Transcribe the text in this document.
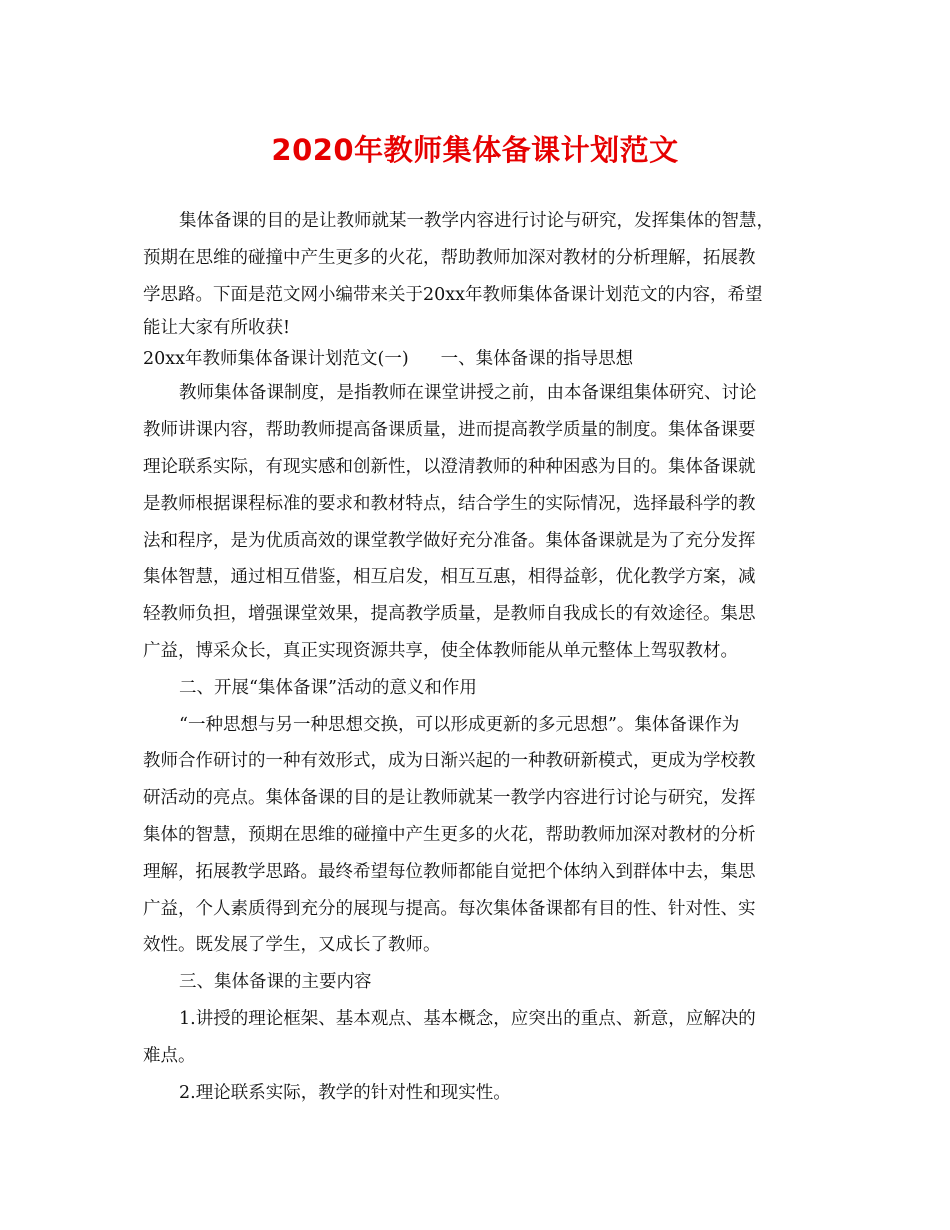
2020年教师集体备课计划范文
集体备课的目的是让教师就某一教学内容进行讨论与研究，发挥集体的智慧，
预期在思维的碰撞中产生更多的火花，帮助教师加深对教材的分析理解，拓展教
学思路。下面是范文网小编带来关于20xx年教师集体备课计划范文的内容，希望
能让大家有所收获!
20xx年教师集体备课计划范文(一) 一、集体备课的指导思想
教师集体备课制度，是指教师在课堂讲授之前，由本备课组集体研究、讨论
教师讲课内容，帮助教师提高备课质量，进而提高教学质量的制度。集体备课要
理论联系实际，有现实感和创新性，以澄清教师的种种困惑为目的。集体备课就
是教师根据课程标准的要求和教材特点，结合学生的实际情况，选择最科学的教
法和程序，是为优质高效的课堂教学做好充分准备。集体备课就是为了充分发挥
集体智慧，通过相互借鉴，相互启发，相互互惠，相得益彰，优化教学方案，减
轻教师负担，增强课堂效果，提高教学质量，是教师自我成长的有效途径。集思
广益，博采众长，真正实现资源共享，使全体教师能从单元整体上驾驭教材。
二、开展“集体备课”活动的意义和作用
“一种思想与另一种思想交换，可以形成更新的多元思想”。集体备课作为
教师合作研讨的一种有效形式，成为日渐兴起的一种教研新模式，更成为学校教
研活动的亮点。集体备课的目的是让教师就某一教学内容进行讨论与研究，发挥
集体的智慧，预期在思维的碰撞中产生更多的火花，帮助教师加深对教材的分析
理解，拓展教学思路。最终希望每位教师都能自觉把个体纳入到群体中去，集思
广益，个人素质得到充分的展现与提高。每次集体备课都有目的性、针对性、实
效性。既发展了学生，又成长了教师。
三、集体备课的主要内容
1.讲授的理论框架、基本观点、基本概念，应突出的重点、新意，应解决的
难点。
2.理论联系实际，教学的针对性和现实性。
